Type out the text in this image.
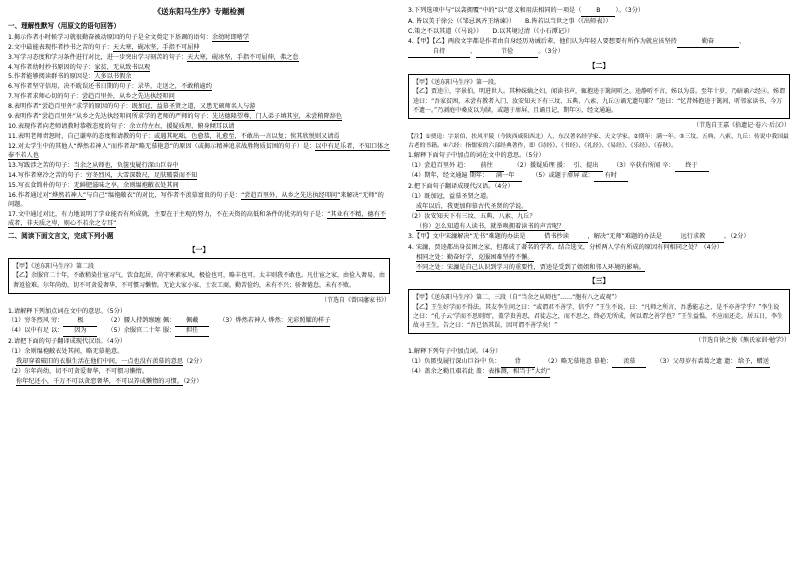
《送东阳马生序》专题检测
一、理解性默写（用原文的语句回答）
1.揭示作者小时候学习就很勤奋被动原因的句子是全文奠定下基调的语句：余幼时即嗜学
2.文中最能表现作者抄书之苦的句子：天大寒，砚冰坚，手指不可屈伸
3.写学习态度和学习条件进行对比，进一步突出学习刻苦的句子：天大寒，砚冰坚，手指不可屈伸，弗之怠
4.写作者幼时抄书原因的句子：家贫，无从致书以观
5.作者能够阅读群书的原因是：人多以书假余
6.写作者坚守信用，决不耽误还书日期的句子：录毕，走送之，不敢稍逾约
7.写作者求师心切的句子：尝趋百里外，从乡之先达执经叩问
8.表明作者“尝趋百里外”求学的原因的句子：既加冠，益慕圣贤之道，又患无硕师名人与游
9.表明作者“尝趋百里外”从乡之先达执经叩问所求学的老师的严师的句子：先达德隆望尊，门人弟子填其室，未尝稍降辞色
10.表现作者向老师请教时恭敬态度的句子：余立侍左右，援疑质理，俯身倾耳以请
11.表明老师责怒时，自己谦卑的态度和请教的句子：或遇其叱咄，色愈恭，礼愈至，不敢出一言以复；俟其欣悦则又请焉
12.对太学生中的其他人“烨然若神人”而作者却“略无慕艳意”的原因（或揭示精神追求战胜物质贫困的句子）是：以中有足乐者，不知口体之奉不若人也
13.写跋涉之苦的句子：当余之从师也，负箧曳屣行深山巨谷中
14.写作者寒冷之苦的句子：穷冬烈风，大雪深数尺，足肤皲裂而不知
15.写衣食简朴的句子：无鲜肥滋味之享，余则缊袍敝衣处其间
16.作者通过对“烨然若神人”与自己“缊袍敝衣”的对比，写作者不羡慕富贵的句子是：“尝趋百里外，从乡之先达执经叩问”来解决“无师”的问题。
17.文中通过对比，有力地说明了学业能否有所成就，主要在于主观的努力，不在天资的高低和条件的优劣的句子是：“其业有不精，德有不成者，非天质之卑，则心不若余之专耳”
二、阅读下面文言文，完成下列小题
【一】

【甲】《送东阳马生序》第二段

【乙】余服官二十年，不敢稍染仕宦习气，饮食起居，尚守寒素家风，极俭也可，略丰也可，太丰则我不敢也。凡仕宦之家，由俭入奢易，由奢返俭难。尔年尚幼，切不可贪爱奢华，不可惯习懒惰。无论大家小家、士农工商，勤苦俭约，未有不兴；骄奢倦怠，未有不败。

（节选自《曾国藩家书》）
1.请解释下列加点词在文中的意思。（5分）
（1）穷冬烈风 穷： 极	（2）腰人持鸽缑缠 佩： 佩戴	（3）烨然若神人 烨然：光彩照耀的样子
（4）以中有足 以： 因为	（5）余服官二十年 服： 担任
2.请把下面的句子翻译成现代汉语。（4分）
（1）余则缊袍敝衣处其间，略无慕艳意。
我却穿着破旧的衣服生活在他们中间，一点也没有羡慕的意思（2分）
（2）尔年尚幼，切不可贪爱奢华，不可惯习懒惰。
你年纪还小，千万不可以贪恋奢华，不可以养成懒惰的习惯。（2分）
3.下列选项中与“以衾拥覆”中的“以”意义和用法相同的一项是（ B ）。（3分）
A. 皆以美于徐公（《邹忌讽齐王纳谏》） B.皆若以当世之事（《出师表》）
C.策之不以其道（《马说》） D.以其境过清（《小石潭记》）
4.【甲】【乙】两段文字都是作者由自身经历劝诫后辈，他们认为年轻人要想要有所作为就应该坚持	勤奋	、自持	、	节俭	。（3分）
【二】

【甲】《送东阳马生序》第一段。

【乙】贾逵①，字景伯，明进世人。其种妹嫡之妇，闻读书声，辄抱逵于篱间听之。逵静听不言，姊以为喜。至年十岁，乃暗诵六经④。姊谓逵曰：“吾家贫困，未尝有教者入门，汝安知天下有三坟、五典、八索、九丘③诵无遗句耶？”逵曰：“忆昔姊抱逵于篱间，听邻家读书，今万不遗一。”乃剥庭中桑皮以为牍，或题于扉屏，且诵且记，期年②，经文通遍。

（节选自王嘉《拾遗记·卷六·后汉》）
【注】①贾逵：字景伯，扶风平陵（今陕西咸阳西北）人，东汉著名经学家、天文学家。②期年：满一年。③三坟、五典、八索、九丘：传说中我国最古老的书籍。④六经：指儒家的六部经典著作，即《诗经》、《书经》、《礼经》、《易经》、《乐经》、《春秋》。
1.解释下面句子中加点的词在文中的意思。（5分）
（1）尝趋百里外 趋： 前往	（2）援疑质理 援： 引、提出	（3）卒获有所闻 卒： 终于
（4）期年，经文通遍 期年： 满一年	（5）或题于扉屏 或： 有时
2.把下面句子翻译成现代汉语。（4分）
（1）既加冠，益慕圣贤之道。
成年以后，我更加仰慕古代圣贤的学说。
（2）汝安知天下有三坟、五典、八索、九丘？
（你）怎么知道有人读书，就举唤拥着读书的声音呢？
3.【甲】文中宋濂解决“无书”难题的办法是	借书抄读	，解决“无师”难题的办法是	远行求教	。（2分）
4. 宋濂、贾逵都出身贫困之家，但都成了著名的学者。结合选文，分析两人学有所成的原因有何相同之处？（4分）
相同之处：勤奋好学，克服困难坚持不懈。
不同之处：宋濂是自己认识到学习的重要性，贾逵是受到了姐姐和邻人环境的影响。
【三】

【甲】《送东阳马生序》第二、三段（自“当余之从师也”……“胞有八之或观”）

【乙】王生好学而不得法。其友李生问之曰：“或谓君不善学，信乎？”王生不说，曰：“凡师之所言，吾悉能志之，是不亦善学乎？”李生说之曰：“孔子云‘学而不思则罔’，盖学贵善思，君徒志之，而不思之，终必无所成，何以谓之善学也？”王生益愠，不应而还走。居五日，李生故寻王生，告之曰：“吾已悟其误，因可谓不善学矣！”

（节选自徐之俊《熊氏家训·勉学》）
1.解释下列句子中加点词。（4分）
（1）负匿曳屣行深山巨谷中 负： 背	（2）略无慕艳意 慕艳： 羡慕	（3）父母岁有裘葛之遗 遗： 给予，赠送
（4）盖余之勤且艰若此 盖：表推测，相当于“大约”
